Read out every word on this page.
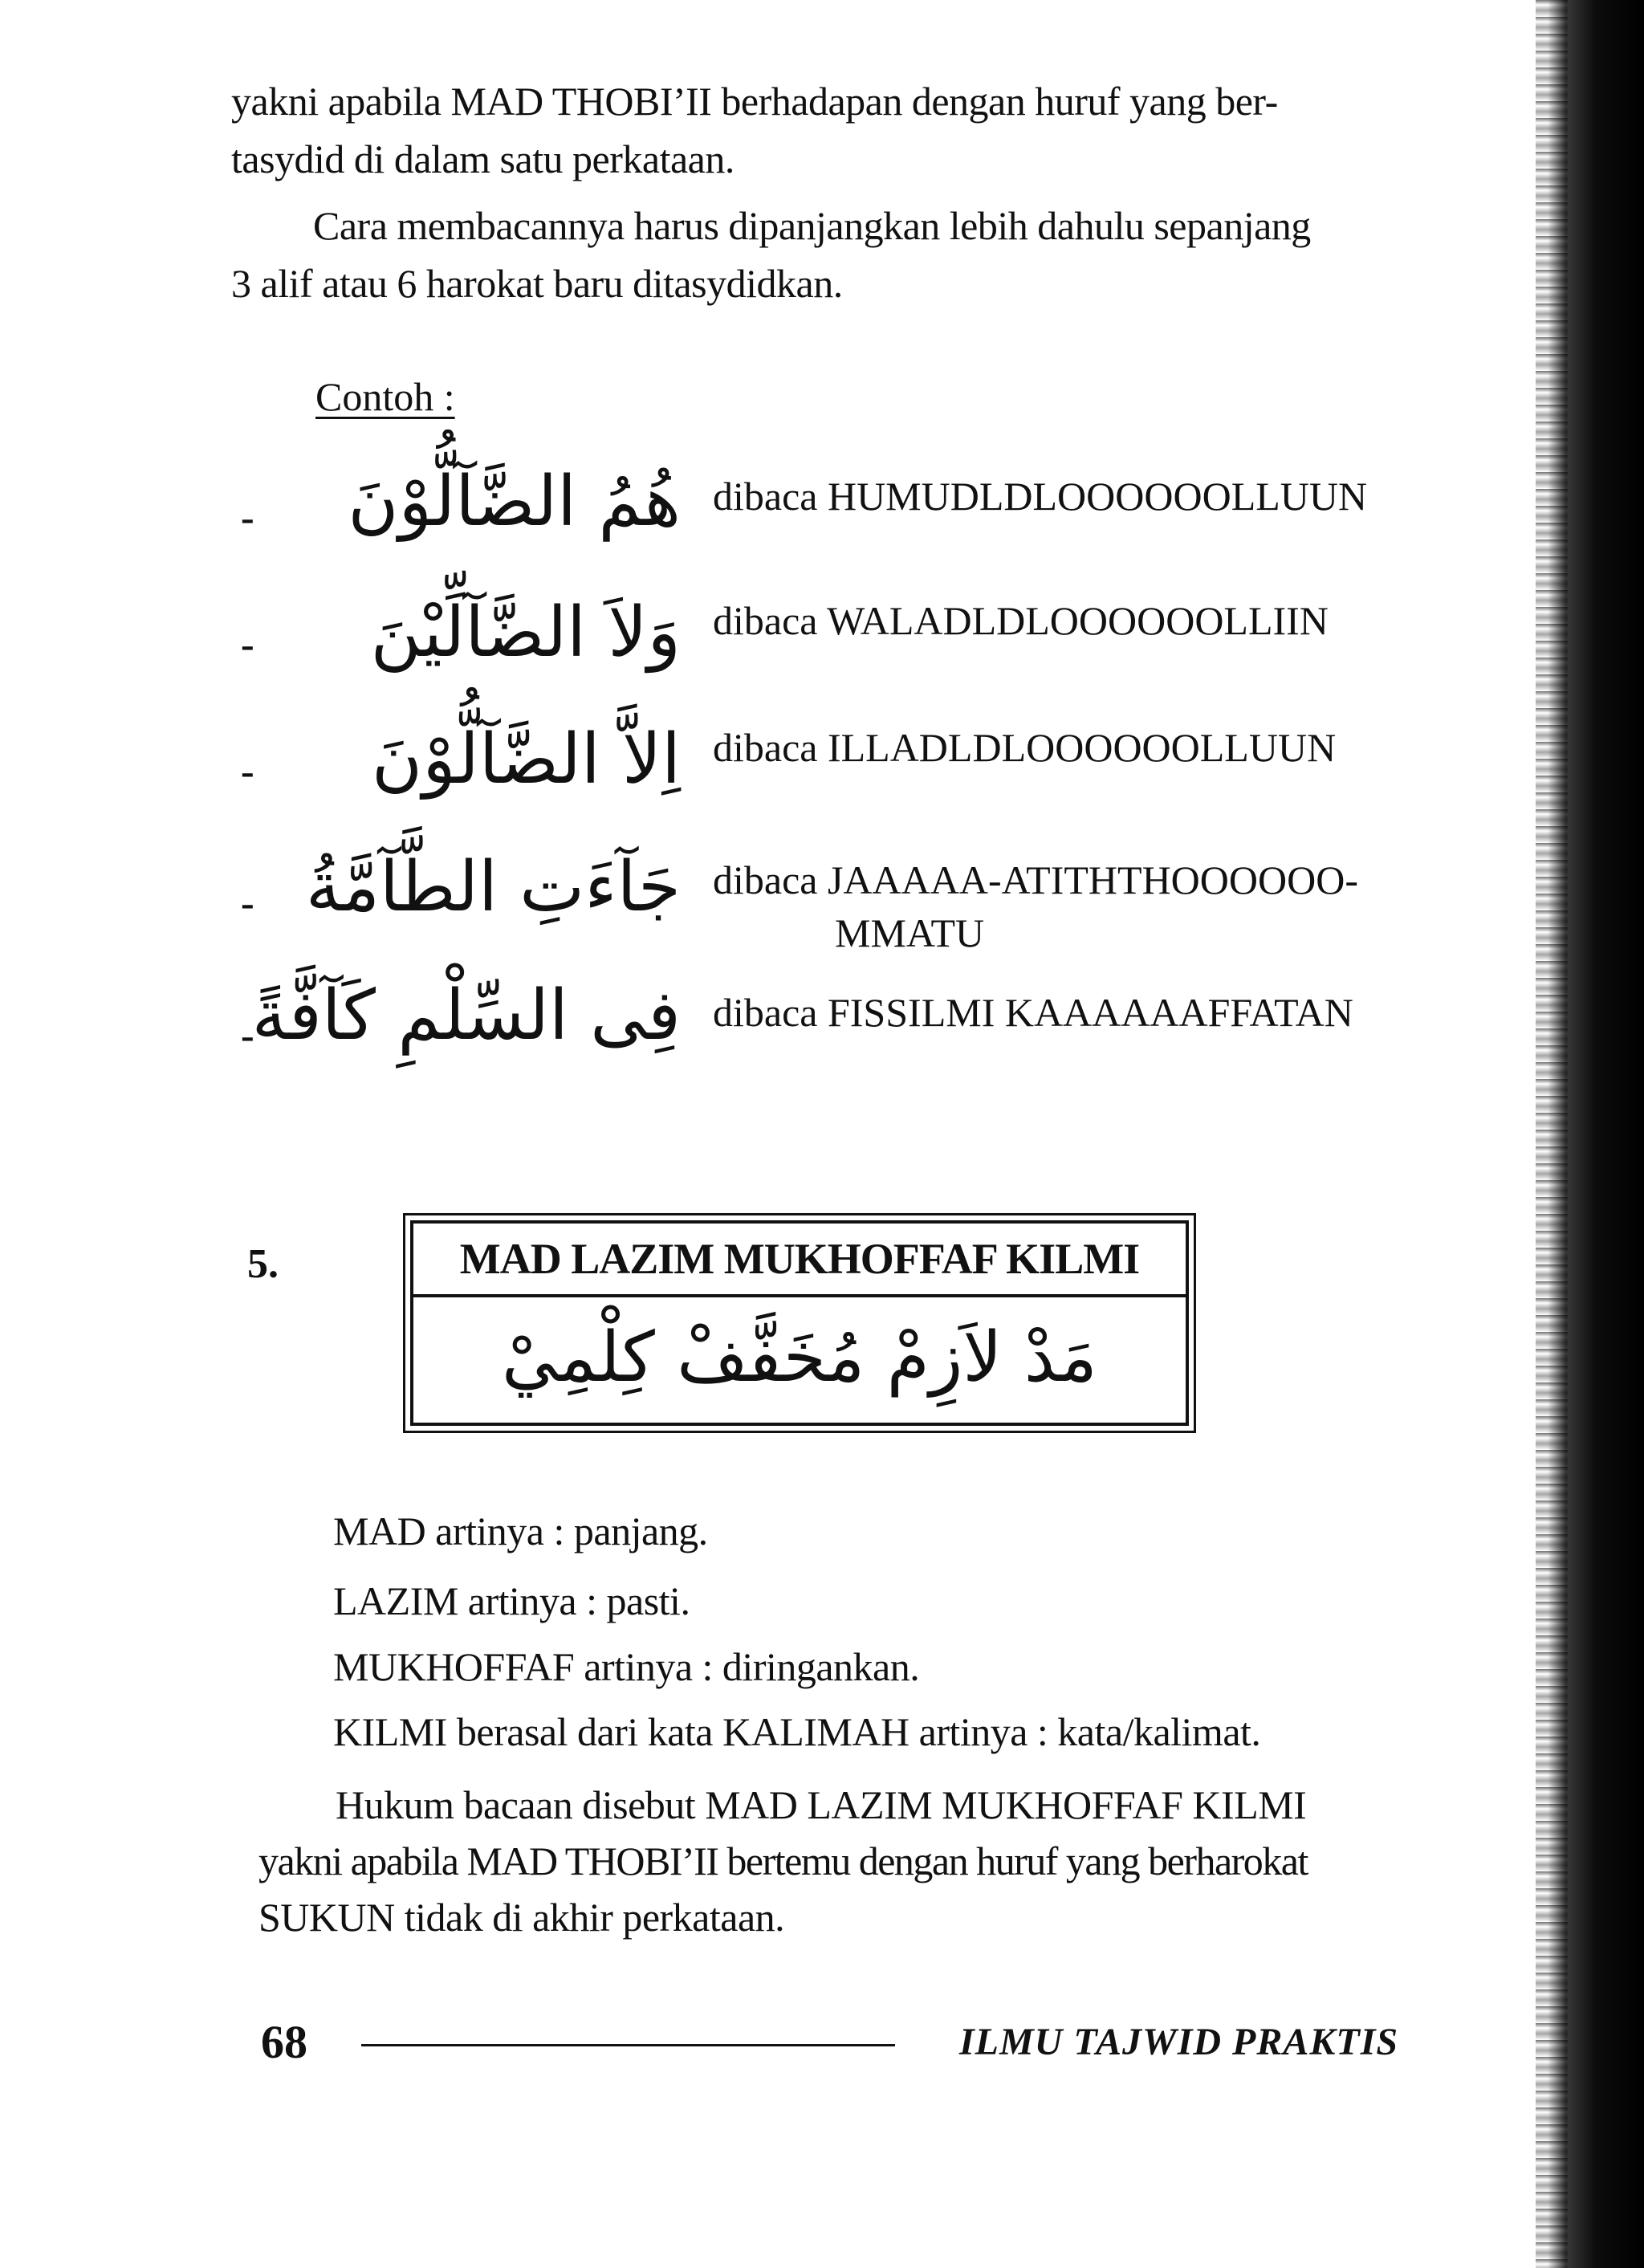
yakni apabila MAD THOBI’II berhadapan dengan huruf yang ber-
tasydid di dalam satu perkataan.
Cara membacannya harus dipanjangkan lebih dahulu sepanjang
3 alif atau 6 harokat baru ditasydidkan.
Contoh :
- هُمُ الضَّآلُّوْنَ dibaca HUMUDLDLOOOOOOLLUUN
- وَلاَ الضَّآلِّيْنَ dibaca WALADLDLOOOOOOLLIIN
- اِلاَّ الضَّآلُّوْنَ dibaca ILLADLDLOOOOOOLLUUN
- جَآءَتِ الطَّآمَّةُ dibaca JAAAAA-ATITHTHOOOOOO-
MMATU
-
فِى السِّلْمِ كَآفَّةً dibaca FISSILMI KAAAAAAFFATAN
5.	MAD LAZIM MUKHOFFAF KILMI
مَدْ لاَزِمْ مُخَفَّفْ كِلْمِيْ
MAD artinya : panjang.
LAZIM artinya : pasti.
MUKHOFFAF artinya : diringankan.
KILMI berasal dari kata KALIMAH artinya : kata/kalimat.
Hukum bacaan disebut MAD LAZIM MUKHOFFAF KILMI
yakni apabila MAD THOBI’II bertemu dengan huruf yang berharokat
SUKUN tidak di akhir perkataan.
68	ILMU TAJWID PRAKTIS
